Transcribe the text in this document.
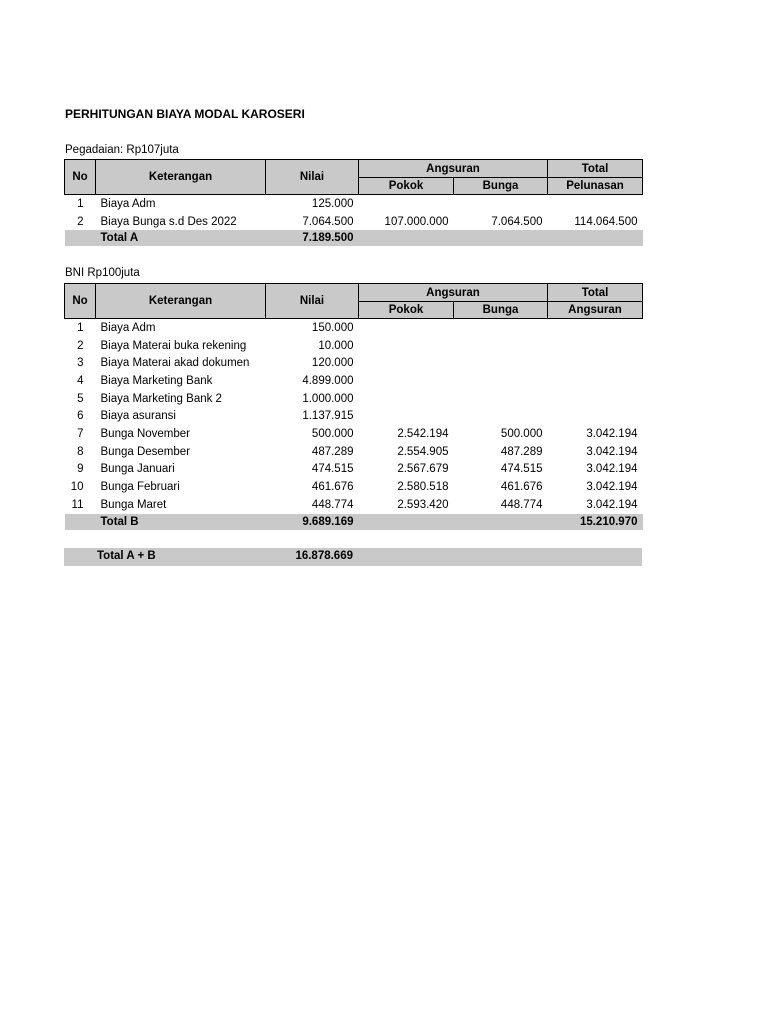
PERHITUNGAN BIAYA MODAL KAROSERI
Pegadaian: Rp107juta
No	Keterangan	Nilai	Angsuran		Total
			Pokok	Bunga	Pelunasan
1	Biaya Adm	125.000			
2	Biaya Bunga s.d Des 2022	7.064.500	107.000.000	7.064.500	114.064.500
	Total A	7.189.500			
BNI Rp100juta
No	Keterangan	Nilai	Angsuran		Total
			Pokok	Bunga	Angsuran
1	Biaya Adm	150.000			
2	Biaya Materai buka rekening	10.000			
3	Biaya Materai akad dokumen	120.000			
4	Biaya Marketing Bank	4.899.000			
5	Biaya Marketing Bank 2	1.000.000			
6	Biaya asuransi	1.137.915			
7	Bunga November	500.000	2.542.194	500.000	3.042.194
8	Bunga Desember	487.289	2.554.905	487.289	3.042.194
9	Bunga Januari	474.515	2.567.679	474.515	3.042.194
10	Bunga Februari	461.676	2.580.518	461.676	3.042.194
11	Bunga Maret	448.774	2.593.420	448.774	3.042.194
	Total B	9.689.169			15.210.970
Total A + B	16.878.669
